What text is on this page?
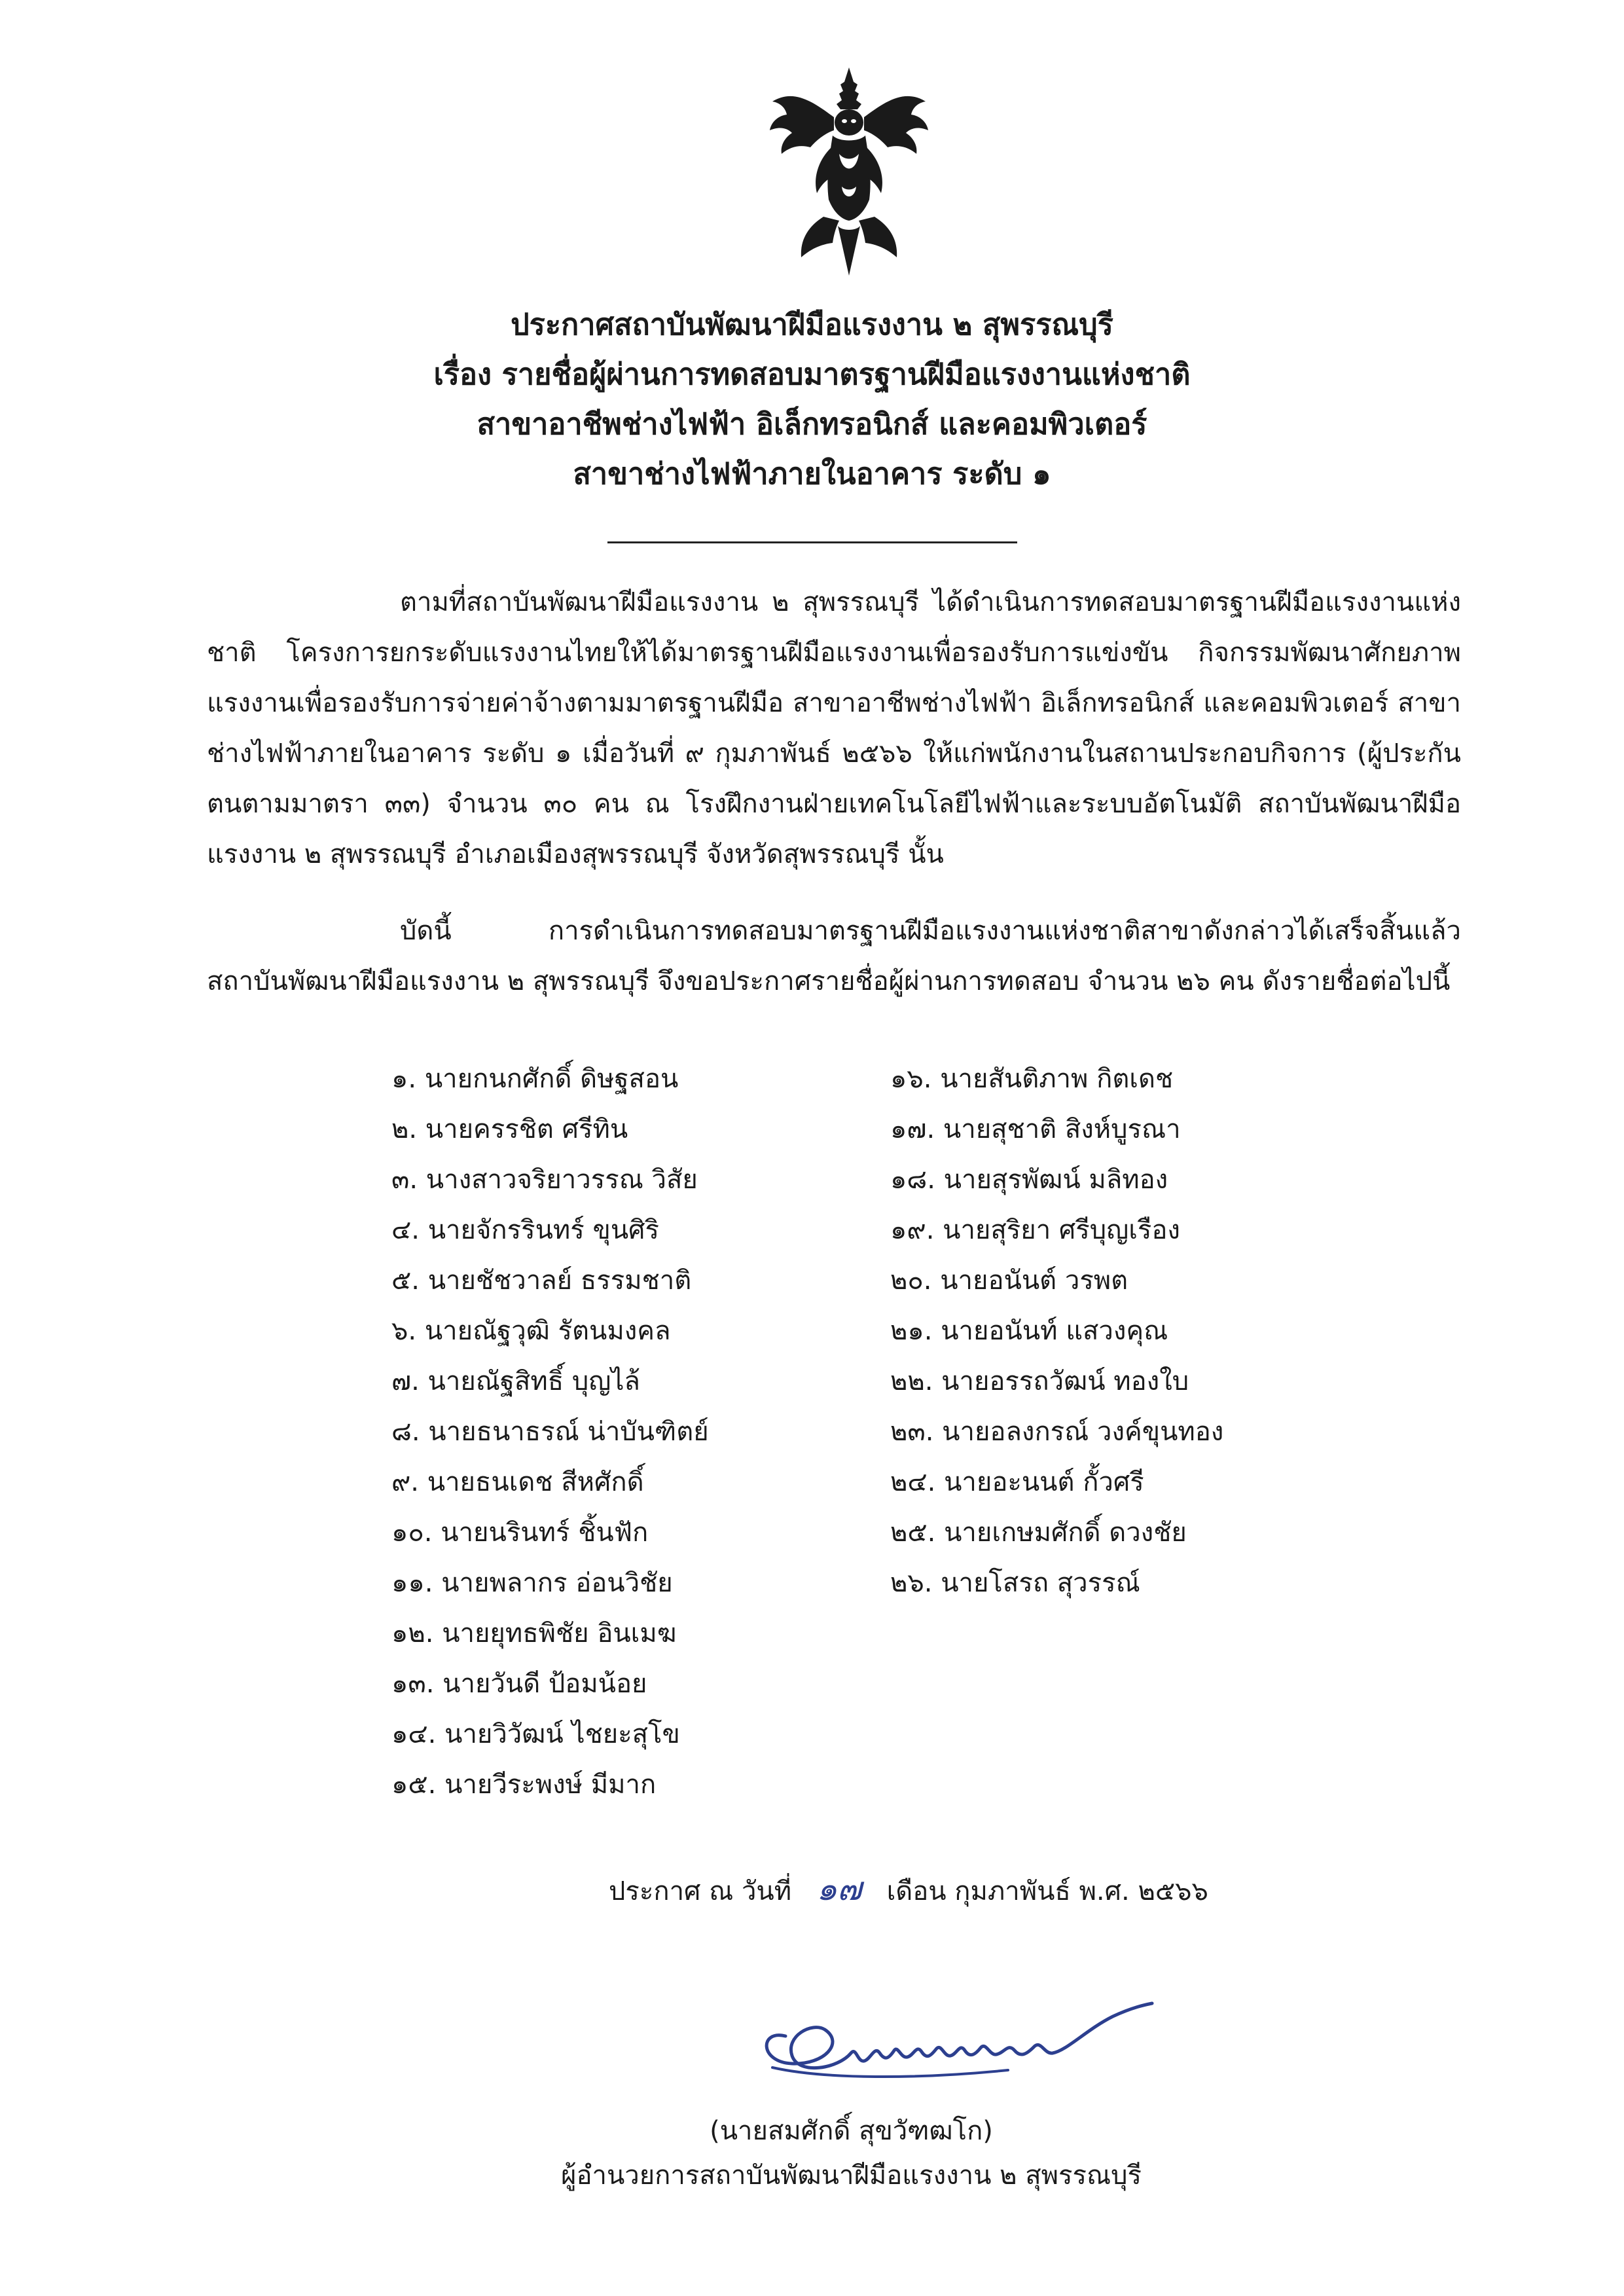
ประกาศสถาบันพัฒนาฝีมือแรงงาน ๒ สุพรรณบุรี

เรื่อง รายชื่อผู้ผ่านการทดสอบมาตรฐานฝีมือแรงงานแห่งชาติ

สาขาอาชีพช่างไฟฟ้า อิเล็กทรอนิกส์ และคอมพิวเตอร์

สาขาช่างไฟฟ้าภายในอาคาร ระดับ ๑

ตามที่สถาบันพัฒนาฝีมือแรงงาน ๒ สุพรรณบุรี ได้ดำเนินการทดสอบมาตรฐานฝีมือแรงงานแห่งชาติ โครงการยกระดับแรงงานไทยให้ได้มาตรฐานฝีมือแรงงานเพื่อรองรับการแข่งขัน กิจกรรมพัฒนาศักยภาพแรงงานเพื่อรองรับการจ่ายค่าจ้างตามมาตรฐานฝีมือ สาขาอาชีพช่างไฟฟ้า อิเล็กทรอนิกส์ และคอมพิวเตอร์ สาขาช่างไฟฟ้าภายในอาคาร ระดับ ๑ เมื่อวันที่ ๙ กุมภาพันธ์ ๒๕๖๖ ให้แก่พนักงานในสถานประกอบกิจการ (ผู้ประกันตนตามมาตรา ๓๓) จำนวน ๓๐ คน ณ โรงฝึกงานฝ่ายเทคโนโลยีไฟฟ้าและระบบอัตโนมัติ สถาบันพัฒนาฝีมือแรงงาน ๒ สุพรรณบุรี อำเภอเมืองสุพรรณบุรี จังหวัดสุพรรณบุรี นั้น

บัดนี้ การดำเนินการทดสอบมาตรฐานฝีมือแรงงานแห่งชาติสาขาดังกล่าวได้เสร็จสิ้นแล้ว สถาบันพัฒนาฝีมือแรงงาน ๒ สุพรรณบุรี จึงขอประกาศรายชื่อผู้ผ่านการทดสอบ จำนวน ๒๖ คน ดังรายชื่อต่อไปนี้

๑. นายกนกศักดิ์ ดิษฐสอน
๒. นายครรชิต ศรีทิน
๓. นางสาวจริยาวรรณ วิสัย
๔. นายจักรรินทร์ ขุนศิริ
๕. นายชัชวาลย์ ธรรมชาติ
๖. นายณัฐวุฒิ รัตนมงคล
๗. นายณัฐสิทธิ์ บุญไล้
๘. นายธนาธรณ์ น่าบันฑิตย์
๙. นายธนเดช สีหศักดิ์
๑๐. นายนรินทร์ ชิ้นฟัก
๑๑. นายพลากร อ่อนวิชัย
๑๒. นายยุทธพิชัย อินเมฆ
๑๓. นายวันดี ป้อมน้อย
๑๔. นายวิวัฒน์ ไชยะสุโข
๑๕. นายวีระพงษ์ มีมาก
๑๖. นายสันติภาพ กิตเดช
๑๗. นายสุชาติ สิงห์บูรณา
๑๘. นายสุรพัฒน์ มลิทอง
๑๙. นายสุริยา ศรีบุญเรือง
๒๐. นายอนันต์ วรพต
๒๑. นายอนันท์ แสวงคุณ
๒๒. นายอรรถวัฒน์ ทองใบ
๒๓. นายอลงกรณ์ วงค์ขุนทอง
๒๔. นายอะนนต์ กั้วศรี
๒๕. นายเกษมศักดิ์ ดวงชัย
๒๖. นายโสรถ สุวรรณ์
ประกาศ ณ วันที่ ๑๗ เดือน กุมภาพันธ์ พ.ศ. ๒๕๖๖
(นายสมศักดิ์ สุขวัฑฒโก)
ผู้อำนวยการสถาบันพัฒนาฝีมือแรงงาน ๒ สุพรรณบุรี
